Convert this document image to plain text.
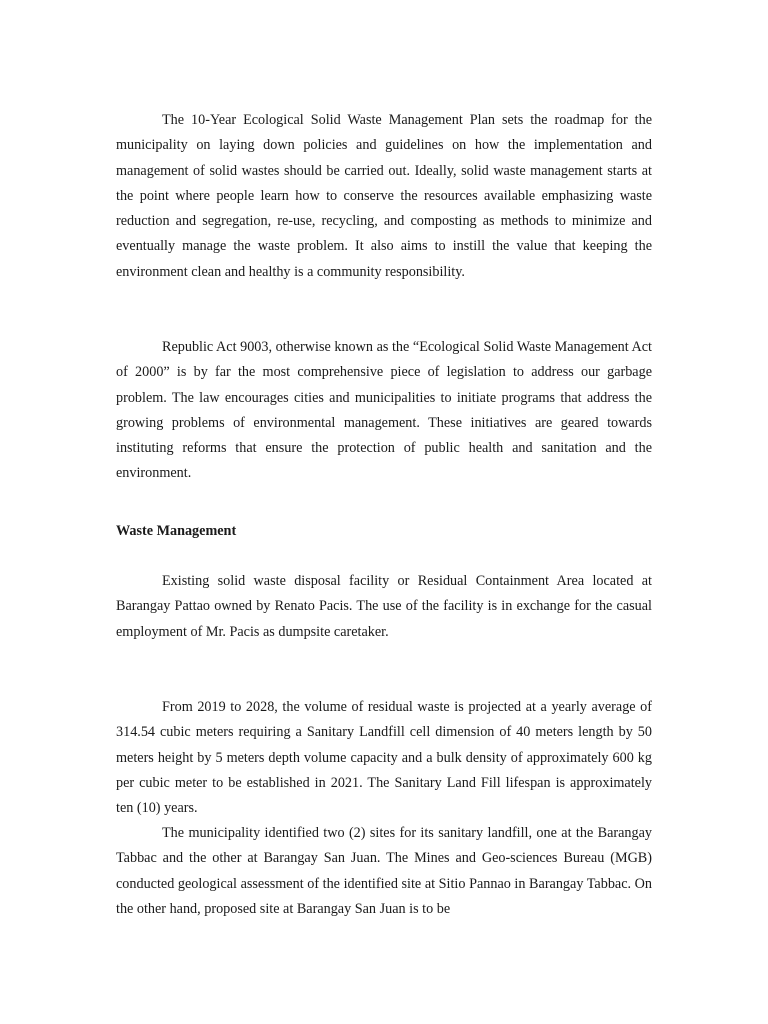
The 10-Year Ecological Solid Waste Management Plan sets the roadmap for the municipality on laying down policies and guidelines on how the implementation and management of solid wastes should be carried out. Ideally, solid waste management starts at the point where people learn how to conserve the resources available emphasizing waste reduction and segregation, re-use, recycling, and composting as methods to minimize and eventually manage the waste problem. It also aims to instill the value that keeping the environment clean and healthy is a community responsibility.

Republic Act 9003, otherwise known as the “Ecological Solid Waste Management Act of 2000” is by far the most comprehensive piece of legislation to address our garbage problem. The law encourages cities and municipalities to initiate programs that address the growing problems of environmental management. These initiatives are geared towards instituting reforms that ensure the protection of public health and sanitation and the environment.

Waste Management

Existing solid waste disposal facility or Residual Containment Area located at Barangay Pattao owned by Renato Pacis. The use of the facility is in exchange for the casual employment of Mr. Pacis as dumpsite caretaker.

From 2019 to 2028, the volume of residual waste is projected at a yearly average of 314.54 cubic meters requiring a Sanitary Landfill cell dimension of 40 meters length by 50 meters height by 5 meters depth volume capacity and a bulk density of approximately 600 kg per cubic meter to be established in 2021. The Sanitary Land Fill lifespan is approximately ten (10) years.

The municipality identified two (2) sites for its sanitary landfill, one at the Barangay Tabbac and the other at Barangay San Juan. The Mines and Geo-sciences Bureau (MGB) conducted geological assessment of the identified site at Sitio Pannao in Barangay Tabbac. On the other hand, proposed site at Barangay San Juan is to be
